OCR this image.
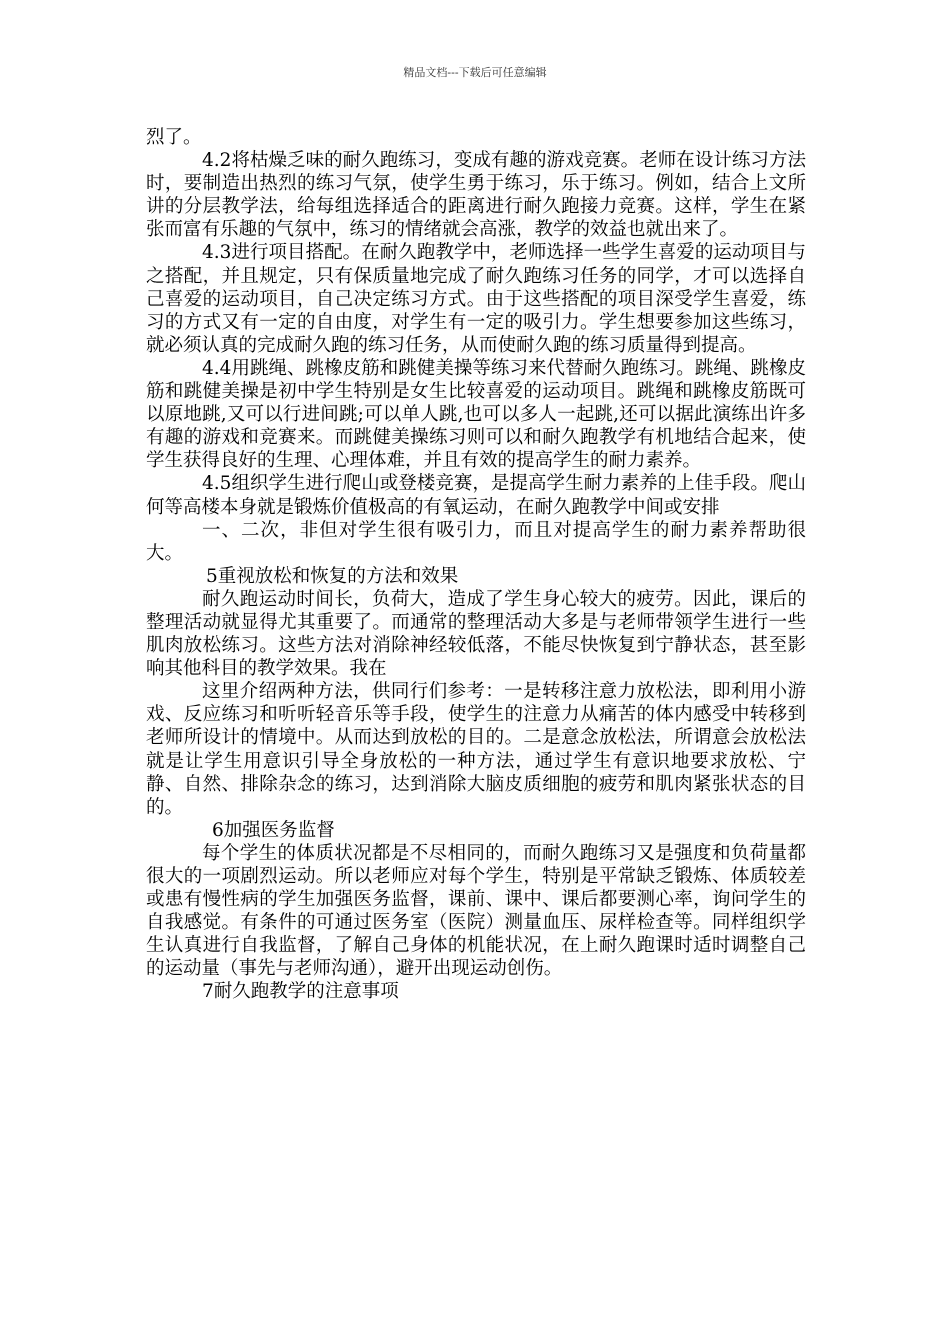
精品文档---下载后可任意编辑

烈了。

4.2将枯燥乏味的耐久跑练习，变成有趣的游戏竞赛。老师在设计练习方法时，要制造出热烈的练习气氛，使学生勇于练习，乐于练习。例如，结合上文所讲的分层教学法，给每组选择适合的距离进行耐久跑接力竞赛。这样，学生在紧张而富有乐趣的气氛中，练习的情绪就会高涨，教学的效益也就出来了。

4.3进行项目搭配。在耐久跑教学中，老师选择一些学生喜爱的运动项目与之搭配，并且规定，只有保质量地完成了耐久跑练习任务的同学，才可以选择自己喜爱的运动项目，自己决定练习方式。由于这些搭配的项目深受学生喜爱，练习的方式又有一定的自由度，对学生有一定的吸引力。学生想要参加这些练习，就必须认真的完成耐久跑的练习任务，从而使耐久跑的练习质量得到提高。

4.4用跳绳、跳橡皮筋和跳健美操等练习来代替耐久跑练习。跳绳、跳橡皮筋和跳健美操是初中学生特别是女生比较喜爱的运动项目。跳绳和跳橡皮筋既可以原地跳,又可以行进间跳;可以单人跳,也可以多人一起跳,还可以据此演练出许多有趣的游戏和竞赛来。而跳健美操练习则可以和耐久跑教学有机地结合起来，使学生获得良好的生理、心理体难，并且有效的提高学生的耐力素养。

4.5组织学生进行爬山或登楼竞赛，是提高学生耐力素养的上佳手段。爬山何等高楼本身就是锻炼价值极高的有氧运动，在耐久跑教学中间或安排

一、二次，非但对学生很有吸引力，而且对提高学生的耐力素养帮助很大。

5重视放松和恢复的方法和效果

耐久跑运动时间长，负荷大，造成了学生身心较大的疲劳。因此，课后的整理活动就显得尤其重要了。而通常的整理活动大多是与老师带领学生进行一些肌肉放松练习。这些方法对消除神经较低落，不能尽快恢复到宁静状态，甚至影响其他科目的教学效果。我在

这里介绍两种方法，供同行们参考：一是转移注意力放松法，即利用小游戏、反应练习和听听轻音乐等手段，使学生的注意力从痛苦的体内感受中转移到老师所设计的情境中。从而达到放松的目的。二是意念放松法，所谓意会放松法就是让学生用意识引导全身放松的一种方法，通过学生有意识地要求放松、宁静、自然、排除杂念的练习，达到消除大脑皮质细胞的疲劳和肌肉紧张状态的目的。

6加强医务监督

每个学生的体质状况都是不尽相同的，而耐久跑练习又是强度和负荷量都很大的一项剧烈运动。所以老师应对每个学生，特别是平常缺乏锻炼、体质较差或患有慢性病的学生加强医务监督，课前、课中、课后都要测心率，询问学生的自我感觉。有条件的可通过医务室（医院）测量血压、尿样检查等。同样组织学生认真进行自我监督，了解自己身体的机能状况，在上耐久跑课时适时调整自己的运动量（事先与老师沟通），避开出现运动创伤。

7耐久跑教学的注意事项
